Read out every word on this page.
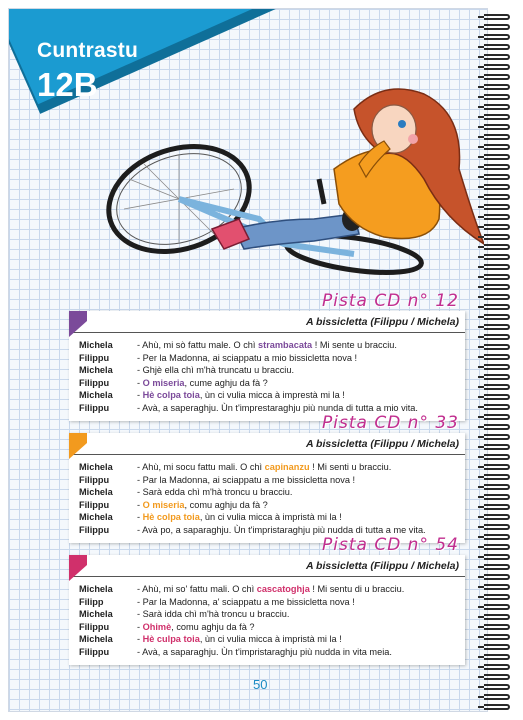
Cuntrastu
12B
Pista CD n° 12
A bissicletta (Filippu / Michela)
Michela	- Ahù, mi sò fattu male. O chì strambacata ! Mi sente u bracciu.
Filippu	- Per la Madonna, ai sciappatu a mio bissicletta nova !
Michela	- Ghjè ella chì m'hà truncatu u bracciu.
Filippu	- O miseria, cume aghju da fà ?
Michela	- Hè colpa toia, ùn ci vulia micca à imprestà mi la !
Filippu	- Avà, a saperaghju. Ùn t'imprestaraghju più nunda di tutta a mio vita.
Pista CD n° 33
A bissicletta (Filippu / Michela)
Michela	- Ahù, mi socu fattu mali. O chì capinanzu ! Mi senti u bracciu.
Filippu	- Par la Madonna, ai sciappatu a me bissicletta nova !
Michela	- Sarà edda chì m'hà troncu u bracciu.
Filippu	- O miseria, comu aghju da fà ?
Michela	- Hè colpa toia, ùn ci vulia micca à impristà mi la !
Filippu	- Avà po, a saparaghju. Ùn t'impristaraghju più nudda di tutta a me vita.
Pista CD n° 54
A bissicletta (Filippu / Michela)
Michela	- Ahù, mi so' fattu mali. O chì cascatoghja ! Mi sentu di u bracciu.
Filipp	- Par la Madonna, a' sciappatu a me bissicletta nova !
Michela	- Sarà idda chì m'hà troncu u bracciu.
Filippu	- Ohimè, comu aghju da fà ?
Michela	- Hè culpa toia, ùn ci vulia micca à impristà mi la !
Filippu	- Avà, a saparaghju. Ùn t'impristaraghju più nudda in vita meia.
50
